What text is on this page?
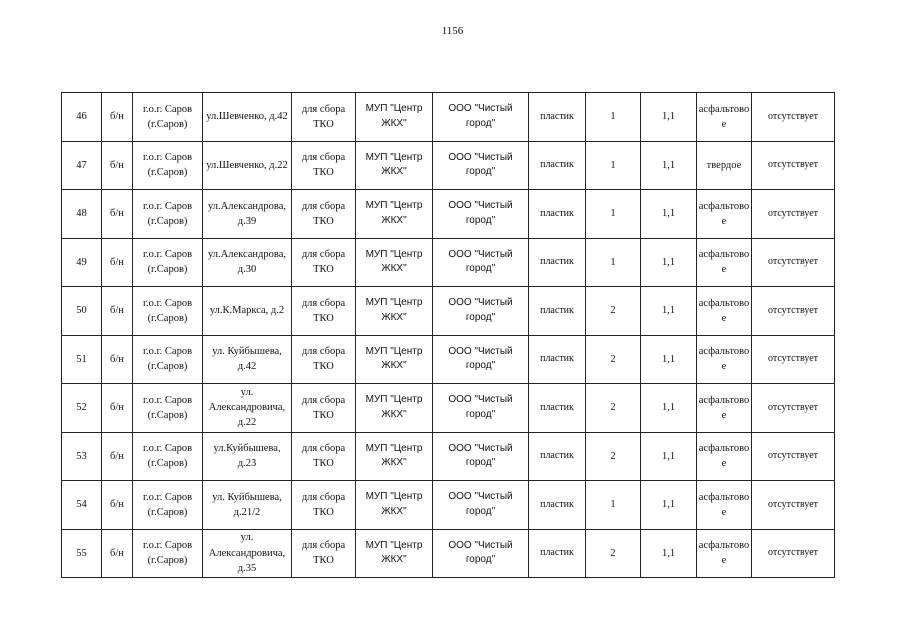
1156
46	б/н	г.о.г. Саров (г.Саров)	ул.Шевченко, д.42	для сбора ТКО	МУП "Центр ЖКХ"	ООО "Чистый город"	пластик	1	1,1	асфальтовое	отсутствует
47	б/н	г.о.г. Саров (г.Саров)	ул.Шевченко, д.22	для сбора ТКО	МУП "Центр ЖКХ"	ООО "Чистый город"	пластик	1	1,1	твердое	отсутствует
48	б/н	г.о.г. Саров (г.Саров)	ул.Александрова, д.39	для сбора ТКО	МУП "Центр ЖКХ"	ООО "Чистый город"	пластик	1	1,1	асфальтовое	отсутствует
49	б/н	г.о.г. Саров (г.Саров)	ул.Александрова, д.30	для сбора ТКО	МУП "Центр ЖКХ"	ООО "Чистый город"	пластик	1	1,1	асфальтовое	отсутствует
50	б/н	г.о.г. Саров (г.Саров)	ул.К.Маркса, д.2	для сбора ТКО	МУП "Центр ЖКХ"	ООО "Чистый город"	пластик	2	1,1	асфальтовое	отсутствует
51	б/н	г.о.г. Саров (г.Саров)	ул. Куйбышева, д.42	для сбора ТКО	МУП "Центр ЖКХ"	ООО "Чистый город"	пластик	2	1,1	асфальтовое	отсутствует
52	б/н	г.о.г. Саров (г.Саров)	ул. Александровича, д.22	для сбора ТКО	МУП "Центр ЖКХ"	ООО "Чистый город"	пластик	2	1,1	асфальтовое	отсутствует
53	б/н	г.о.г. Саров (г.Саров)	ул.Куйбышева, д.23	для сбора ТКО	МУП "Центр ЖКХ"	ООО "Чистый город"	пластик	2	1,1	асфальтовое	отсутствует
54	б/н	г.о.г. Саров (г.Саров)	ул. Куйбышева, д.21/2	для сбора ТКО	МУП "Центр ЖКХ"	ООО "Чистый город"	пластик	1	1,1	асфальтовое	отсутствует
55	б/н	г.о.г. Саров (г.Саров)	ул. Александровича, д.35	для сбора ТКО	МУП "Центр ЖКХ"	ООО "Чистый город"	пластик	2	1,1	асфальтовое	отсутствует
